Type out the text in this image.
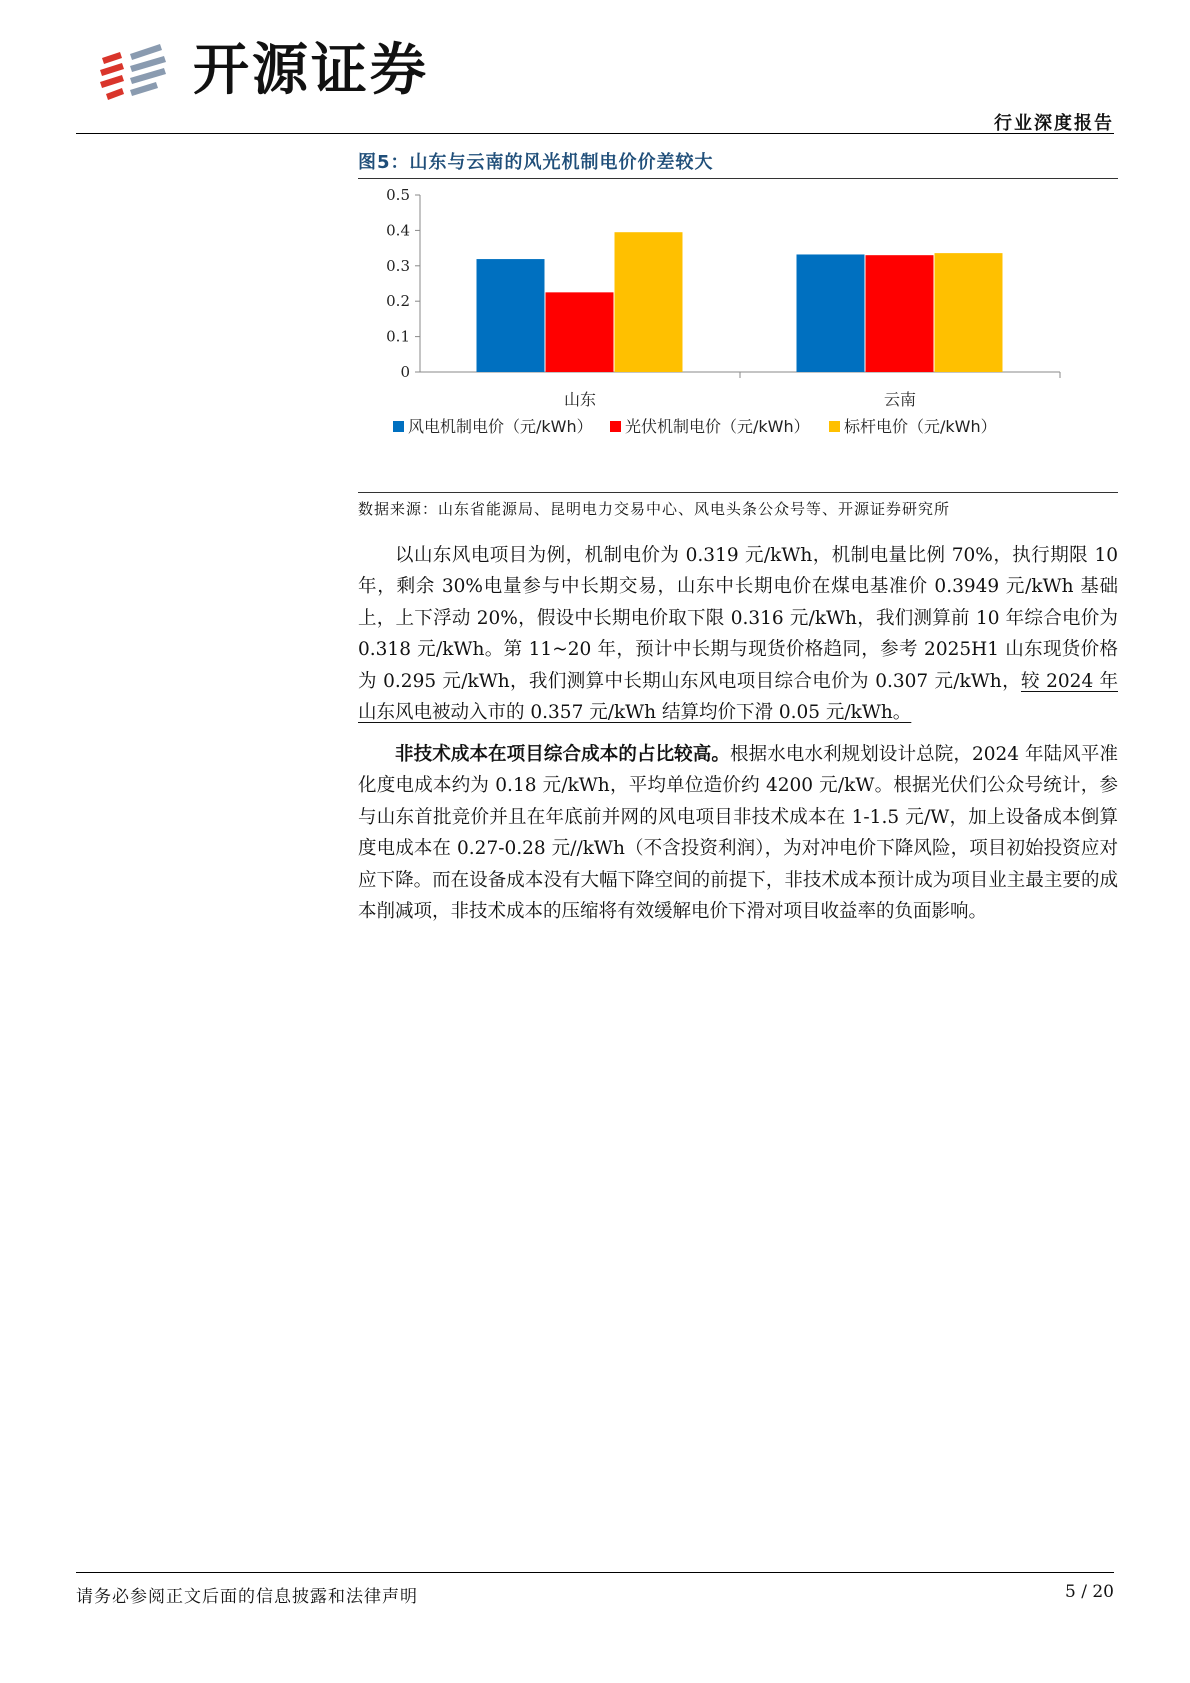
开源证券
行业深度报告
图5：山东与云南的风光机制电价价差较大
0
0.1
0.2
0.3
0.4
0.5
山东	云南
风电机制电价（元/kWh） 光伏机制电价（元/kWh） 标杆电价（元/kWh）
数据来源：山东省能源局、昆明电力交易中心、风电头条公众号等、开源证券研究所

以山东风电项目为例，机制电价为 0.319 元/kWh，机制电量比例 70%，执行期限 10 年，剩余 30%电量参与中长期交易，山东中长期电价在煤电基准价 0.3949 元/kWh 基础上，上下浮动 20%，假设中长期电价取下限 0.316 元/kWh，我们测算前 10 年综合电价为 0.318 元/kWh。第 11~20 年，预计中长期与现货价格趋同，参考 2025H1 山东现货价格为 0.295 元/kWh，我们测算中长期山东风电项目综合电价为 0.307 元/kWh，较 2024 年山东风电被动入市的 0.357 元/kWh 结算均价下滑 0.05 元/kWh。

非技术成本在项目综合成本的占比较高。根据水电水利规划设计总院，2024 年陆风平准化度电成本约为 0.18 元/kWh，平均单位造价约 4200 元/kW。根据光伏们公众号统计，参与山东首批竞价并且在年底前并网的风电项目非技术成本在 1-1.5 元/W，加上设备成本倒算度电成本在 0.27-0.28 元//kWh（不含投资利润），为对冲电价下降风险，项目初始投资应对应下降。而在设备成本没有大幅下降空间的前提下，非技术成本预计成为项目业主最主要的成本削减项，非技术成本的压缩将有效缓解电价下滑对项目收益率的负面影响。

请务必参阅正文后面的信息披露和法律声明	5 / 20
